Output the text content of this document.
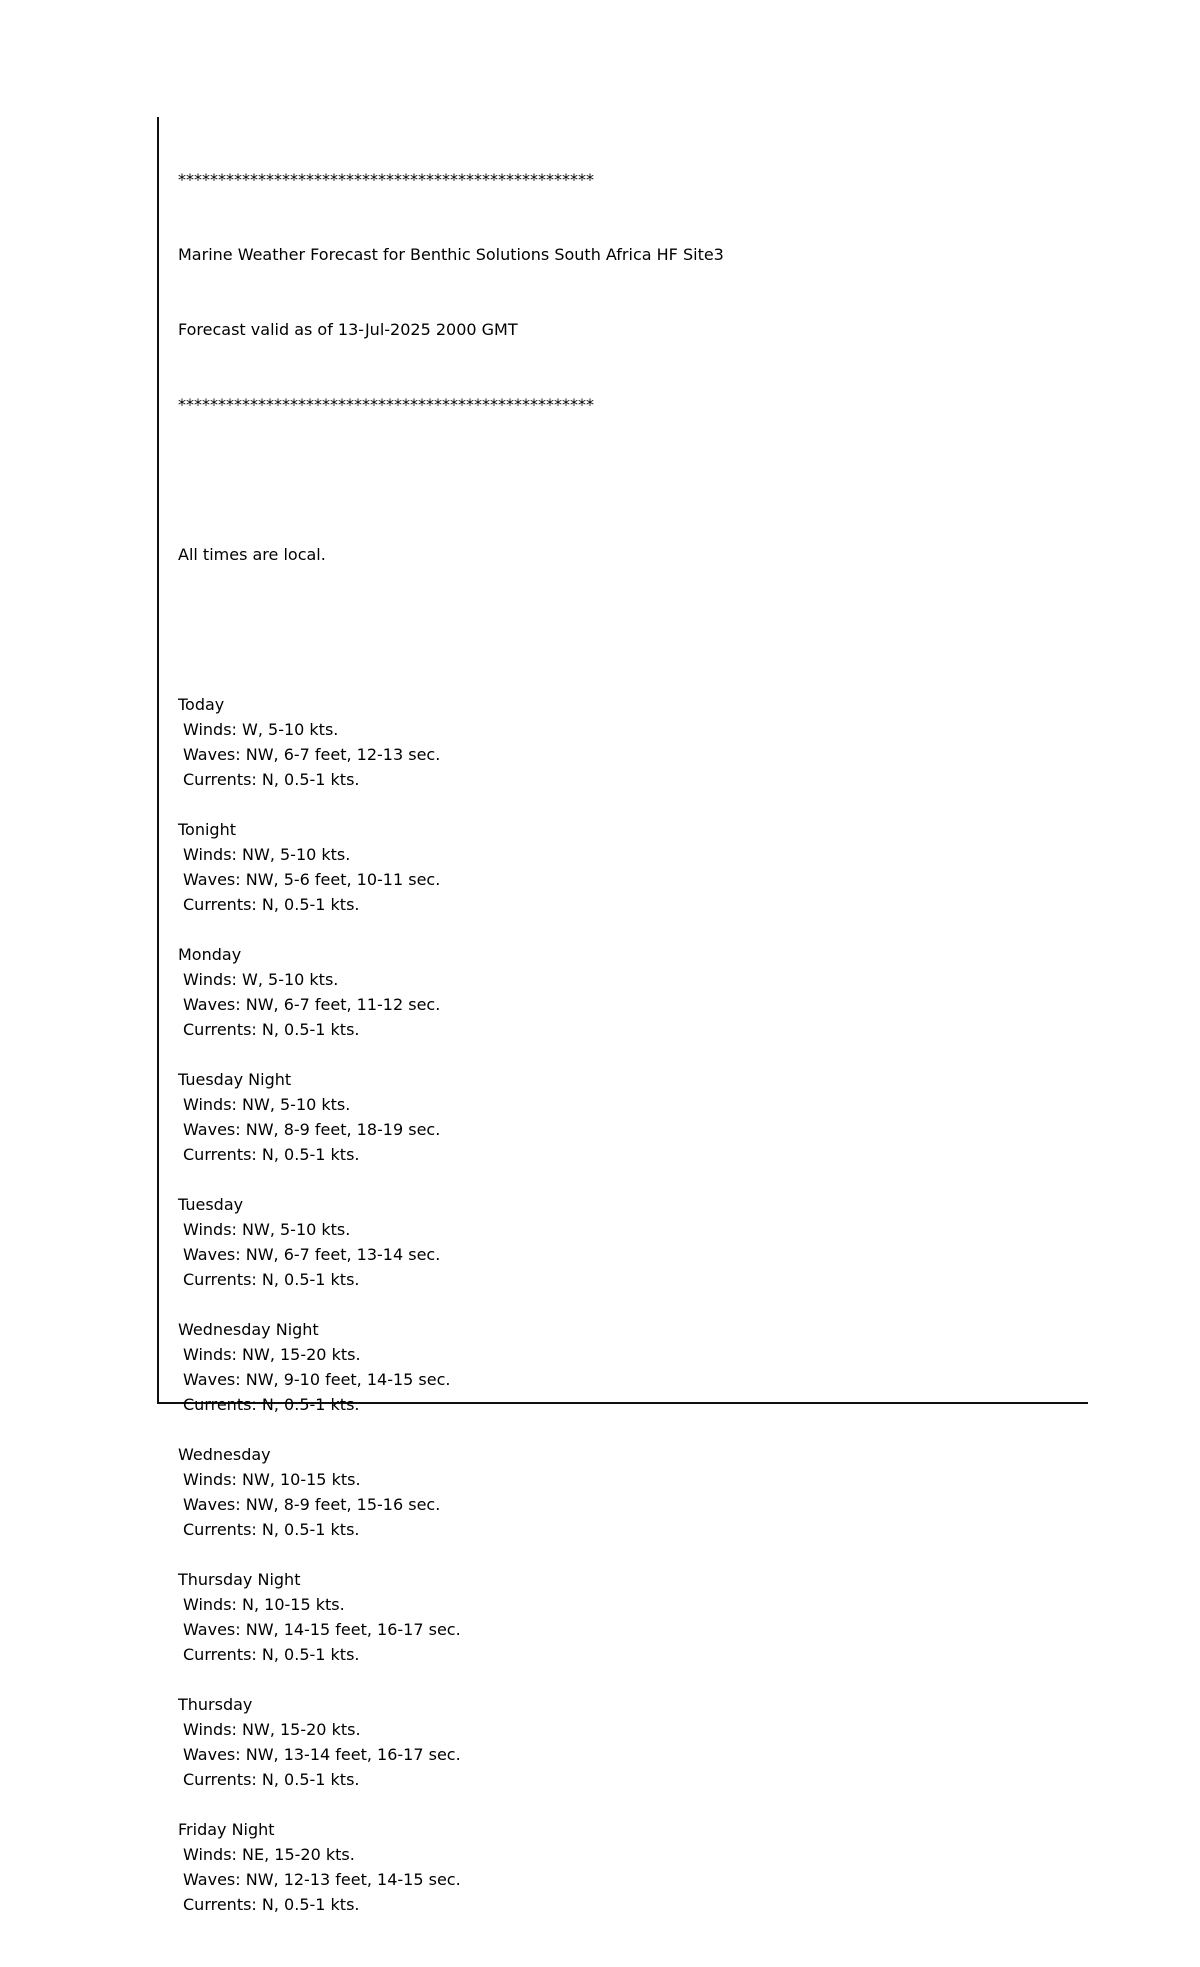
****************************************************

Marine Weather Forecast for Benthic Solutions South Africa HF Site3

Forecast valid as of 13-Jul-2025 2000 GMT

****************************************************

All times are local.

Today
Winds: W, 5-10 kts.
Waves: NW, 6-7 feet, 12-13 sec.
Currents: N, 0.5-1 kts.
Tonight
Winds: NW, 5-10 kts.
Waves: NW, 5-6 feet, 10-11 sec.
Currents: N, 0.5-1 kts.
Monday
Winds: W, 5-10 kts.
Waves: NW, 6-7 feet, 11-12 sec.
Currents: N, 0.5-1 kts.
Tuesday Night
Winds: NW, 5-10 kts.
Waves: NW, 8-9 feet, 18-19 sec.
Currents: N, 0.5-1 kts.
Tuesday
Winds: NW, 5-10 kts.
Waves: NW, 6-7 feet, 13-14 sec.
Currents: N, 0.5-1 kts.
Wednesday Night
Winds: NW, 15-20 kts.
Waves: NW, 9-10 feet, 14-15 sec.
Currents: N, 0.5-1 kts.
Wednesday
Winds: NW, 10-15 kts.
Waves: NW, 8-9 feet, 15-16 sec.
Currents: N, 0.5-1 kts.
Thursday Night
Winds: N, 10-15 kts.
Waves: NW, 14-15 feet, 16-17 sec.
Currents: N, 0.5-1 kts.
Thursday
Winds: NW, 15-20 kts.
Waves: NW, 13-14 feet, 16-17 sec.
Currents: N, 0.5-1 kts.
Friday Night
Winds: NE, 15-20 kts.
Waves: NW, 12-13 feet, 14-15 sec.
Currents: N, 0.5-1 kts.
